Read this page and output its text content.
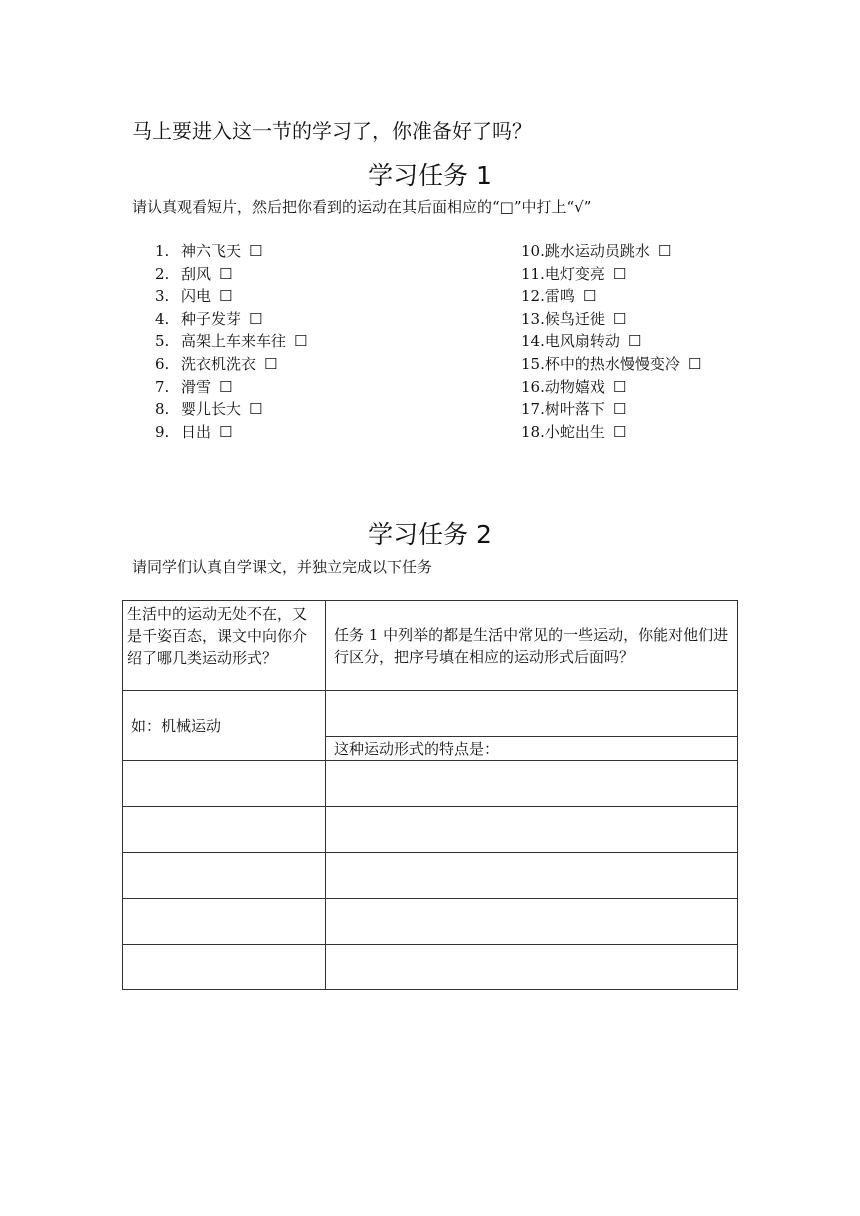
马上要进入这一节的学习了，你准备好了吗？
学习任务 1
请认真观看短片，然后把你看到的运动在其后面相应的“□”中打上“√”
1. 神六飞天 ☐
2. 刮风 ☐
3. 闪电 ☐
4. 种子发芽 ☐
5. 高架上车来车往 ☐
6. 洗衣机洗衣 ☐
7. 滑雪 ☐
8. 婴儿长大 ☐
9. 日出 ☐
10. 跳水运动员跳水 ☐
11. 电灯变亮 ☐
12. 雷鸣 ☐
13. 候鸟迁徙 ☐
14. 电风扇转动 ☐
15. 杯中的热水慢慢变冷 ☐
16. 动物嬉戏 ☐
17. 树叶落下 ☐
18. 小蛇出生 ☐
学习任务 2
请同学们认真自学课文，并独立完成以下任务
生活中的运动无处不在，又是千姿百态，课文中向你介绍了哪几类运动形式？
任务 1 中列举的都是生活中常见的一些运动，你能对他们进行区分，把序号填在相应的运动形式后面吗？
如：机械运动
这种运动形式的特点是：
